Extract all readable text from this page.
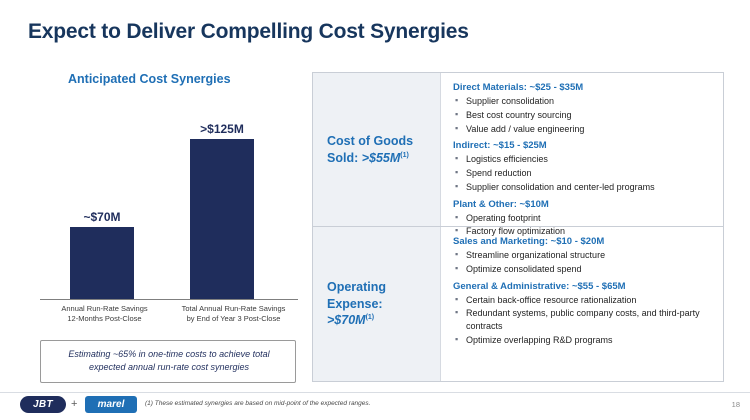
Expect to Deliver Compelling Cost Synergies
Anticipated Cost Synergies
~$70M
>$125M
Annual Run-Rate Savings
12-Months Post-Close
Total Annual Run-Rate Savings
by End of Year 3 Post-Close
Estimating ~65% in one-time costs to achieve total expected annual run-rate cost synergies
Cost of Goods
Sold: $>\$55M^{(1)}$
Direct Materials: ~$25 - $35M
▪ Supplier consolidation
▪ Best cost country sourcing
▪ Value add / value engineering
Indirect: ~$15 - $25M
▪ Logistics efficiencies
▪ Spend reduction
▪ Supplier consolidation and center-led programs
Plant & Other: ~$10M
▪ Operating footprint
▪ Factory flow optimization
Operating
Expense: $>\$70M^{(1)}$
Sales and Marketing: ~$10 - $20M
▪ Streamline organizational structure
▪ Optimize consolidated spend
General & Administrative: ~$55 - $65M
▪ Certain back-office resource rationalization
▪ Redundant systems, public company costs, and third-party contracts
▪ Optimize overlapping R&D programs
JBT	+	marel	(1) These estimated synergies are based on mid-point of the expected ranges.	18
